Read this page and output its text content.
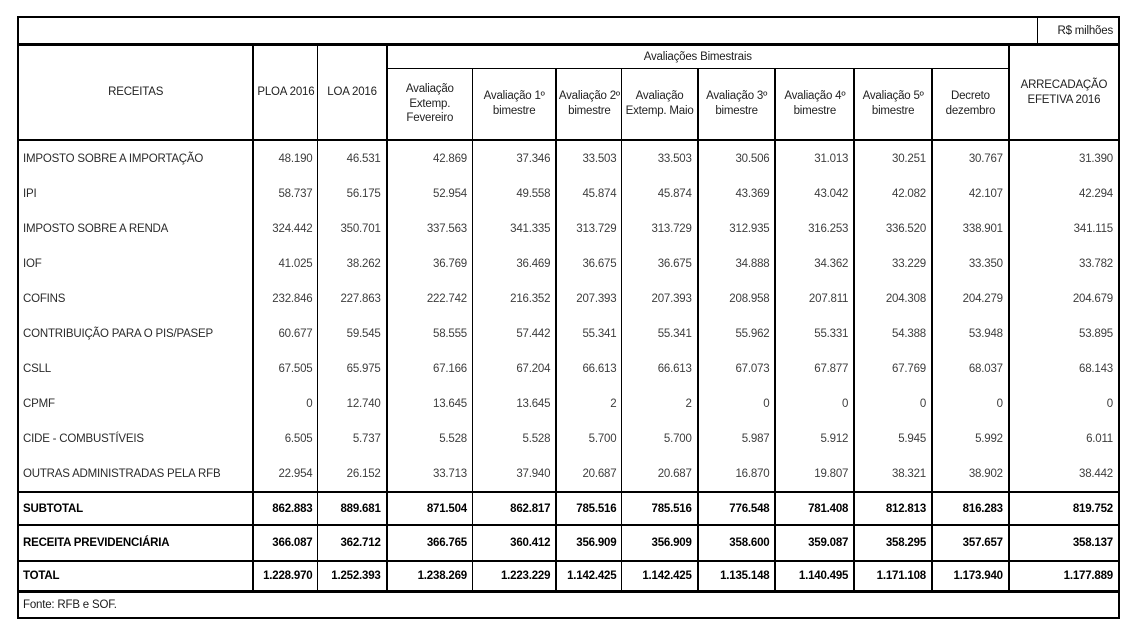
R$ milhões
RECEITAS	PLOA 2016	LOA 2016	Avaliações Bimestrais								ARRECADAÇÃO EFETIVA 2016
			Avaliação Extemp. Fevereiro	Avaliação 1º bimestre	Avaliação 2º bimestre	Avaliação Extemp. Maio	Avaliação 3º bimestre	Avaliação 4º bimestre	Avaliação 5º bimestre	Decreto dezembro	
IMPOSTO SOBRE A IMPORTAÇÃO	48.190	46.531	42.869	37.346	33.503	33.503	30.506	31.013	30.251	30.767	31.390
IPI	58.737	56.175	52.954	49.558	45.874	45.874	43.369	43.042	42.082	42.107	42.294
IMPOSTO SOBRE A RENDA	324.442	350.701	337.563	341.335	313.729	313.729	312.935	316.253	336.520	338.901	341.115
IOF	41.025	38.262	36.769	36.469	36.675	36.675	34.888	34.362	33.229	33.350	33.782
COFINS	232.846	227.863	222.742	216.352	207.393	207.393	208.958	207.811	204.308	204.279	204.679
CONTRIBUIÇÃO PARA O PIS/PASEP	60.677	59.545	58.555	57.442	55.341	55.341	55.962	55.331	54.388	53.948	53.895
CSLL	67.505	65.975	67.166	67.204	66.613	66.613	67.073	67.877	67.769	68.037	68.143
CPMF	0	12.740	13.645	13.645	2	2	0	0	0	0	0
CIDE - COMBUSTÍVEIS	6.505	5.737	5.528	5.528	5.700	5.700	5.987	5.912	5.945	5.992	6.011
OUTRAS ADMINISTRADAS PELA RFB	22.954	26.152	33.713	37.940	20.687	20.687	16.870	19.807	38.321	38.902	38.442
SUBTOTAL	862.883	889.681	871.504	862.817	785.516	785.516	776.548	781.408	812.813	816.283	819.752
RECEITA PREVIDENCIÁRIA	366.087	362.712	366.765	360.412	356.909	356.909	358.600	359.087	358.295	357.657	358.137
TOTAL	1.228.970	1.252.393	1.238.269	1.223.229	1.142.425	1.142.425	1.135.148	1.140.495	1.171.108	1.173.940	1.177.889
Fonte: RFB e SOF.
